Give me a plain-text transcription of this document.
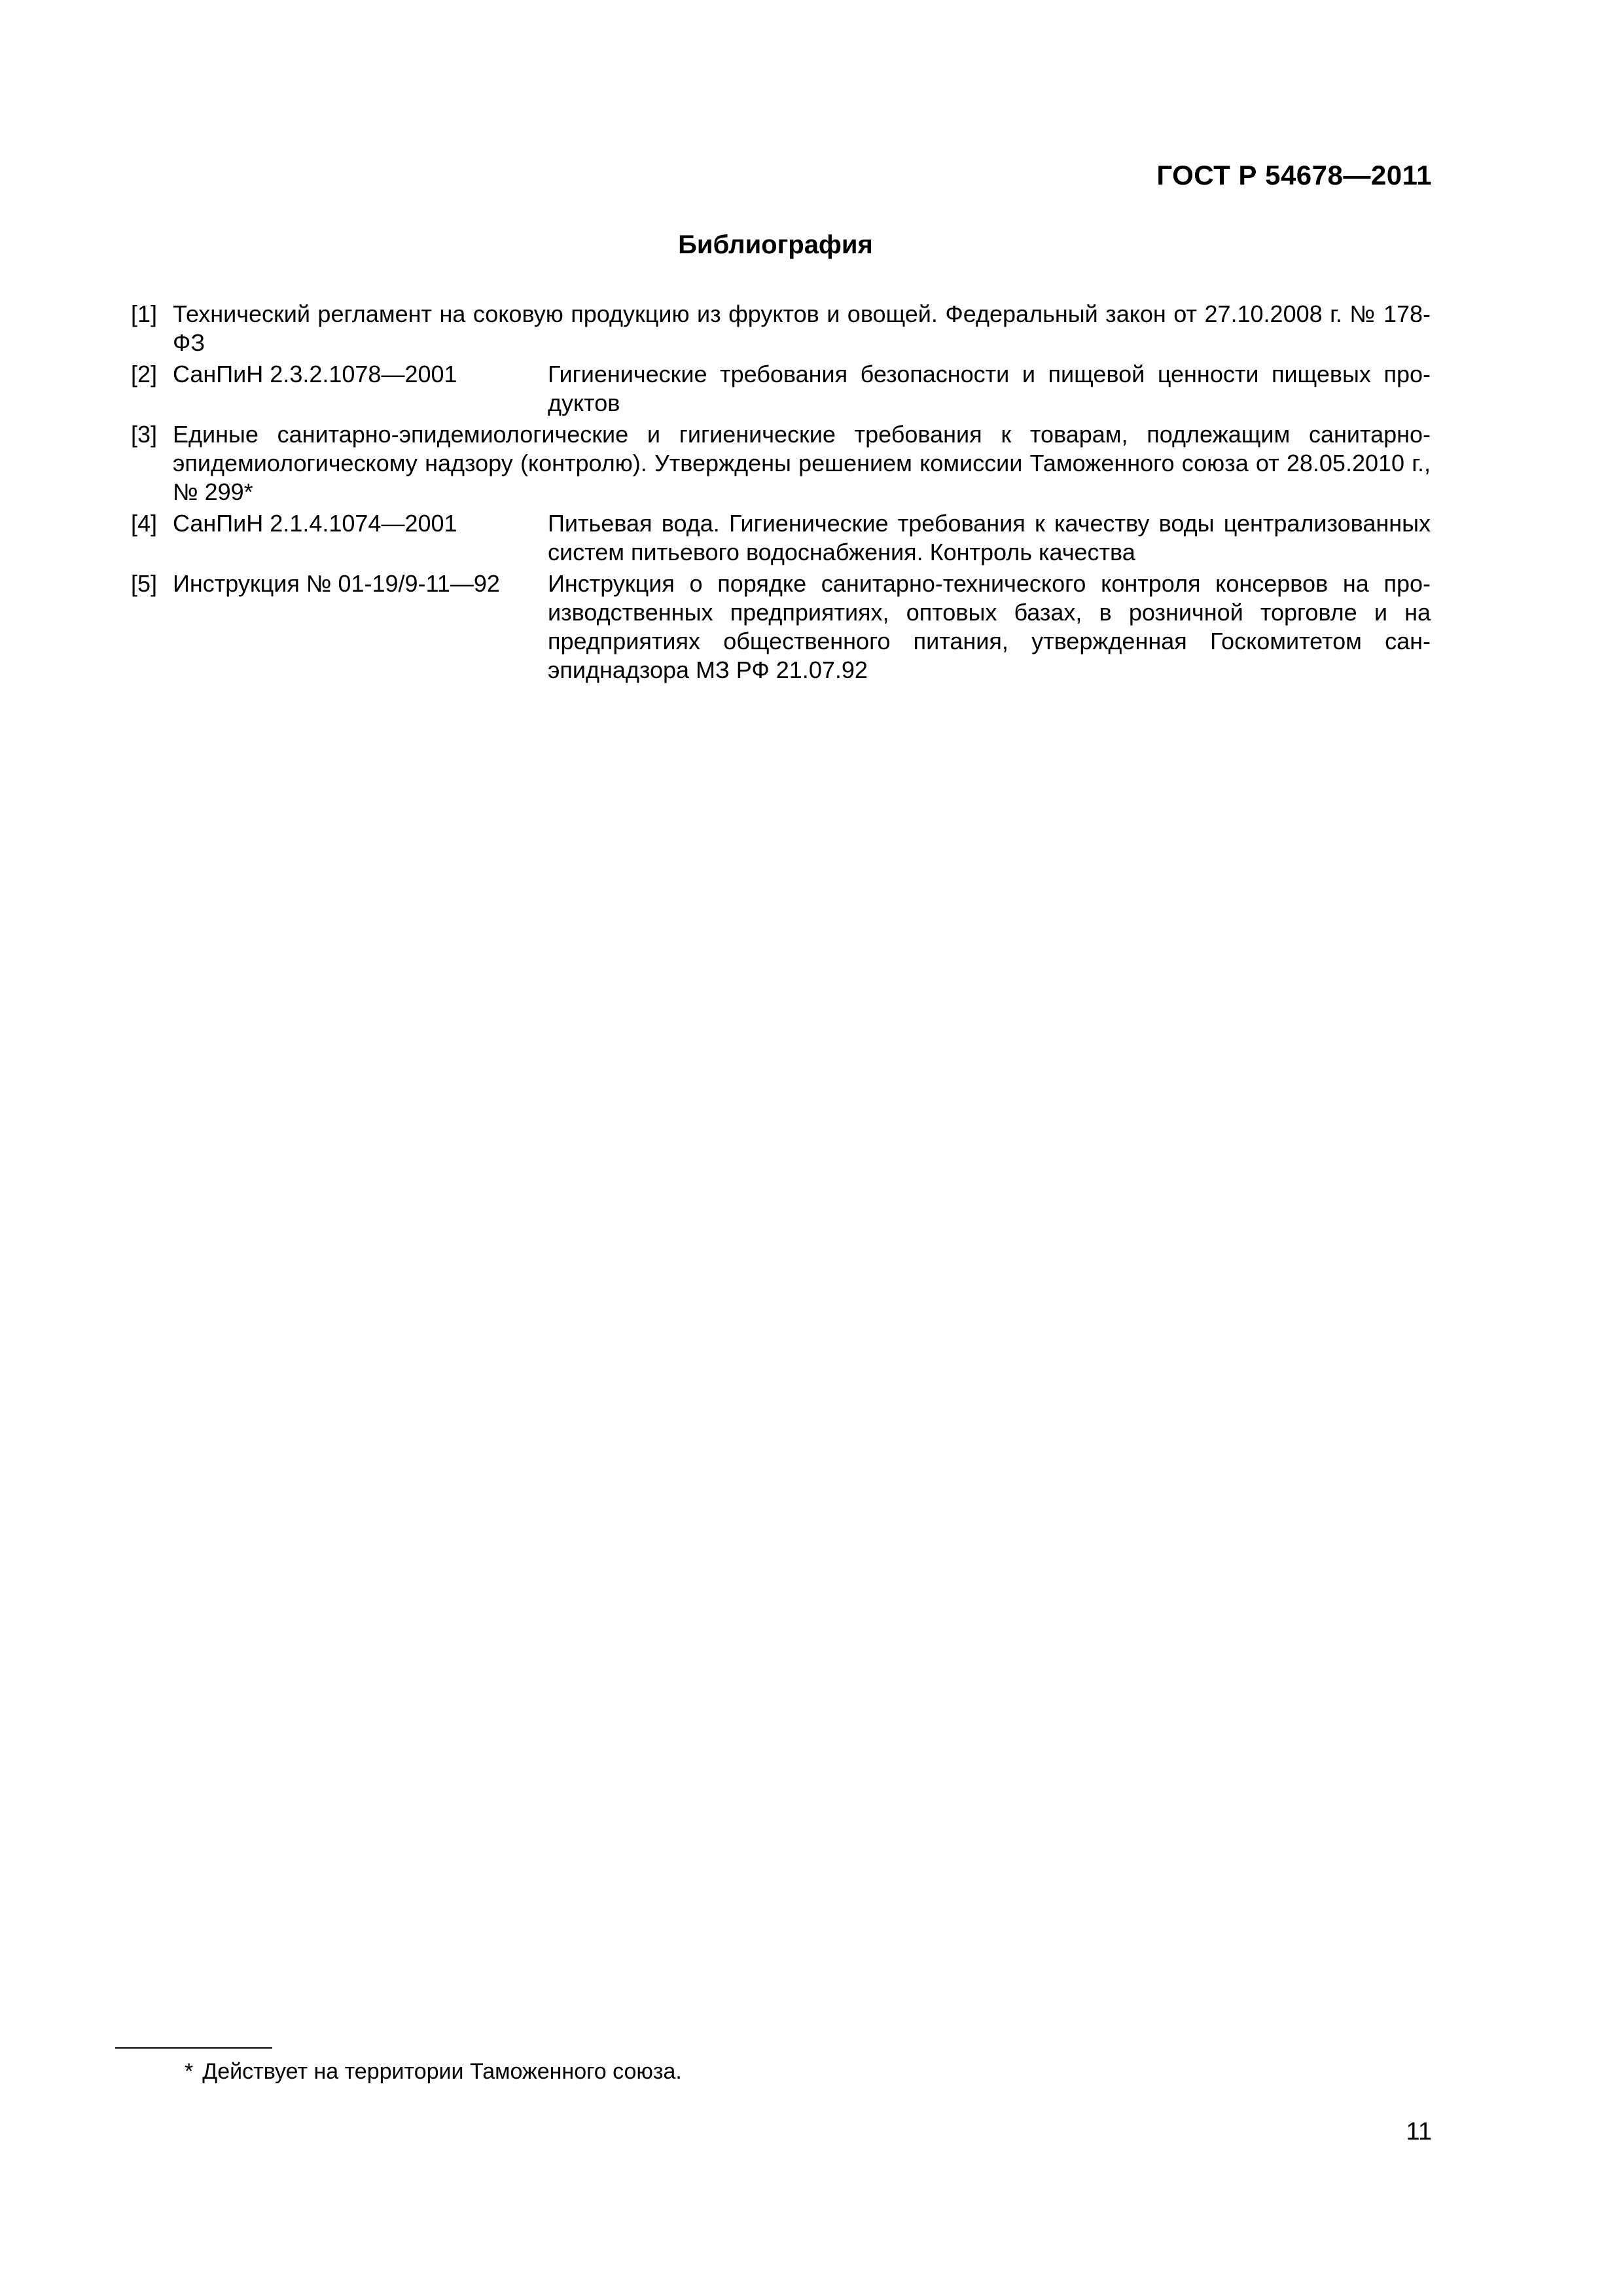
ГОСТ Р 54678—2011
Библиография
[1] Технический регламент на соковую продукцию из фруктов и овощей. Федеральный закон от 27.10.2008 г. № 178-ФЗ
[2] СанПиН 2.3.2.1078—2001	Гигиенические требования безопасности и пищевой ценности пищевых продуктов
[3] Единые санитарно-эпидемиологические и гигиенические требования к товарам, подлежащим санитарно-эпидемиологическому надзору (контролю). Утверждены решением комиссии Таможенного союза от 28.05.2010 г., № 299*
[4] СанПиН 2.1.4.1074—2001	Питьевая вода. Гигиенические требования к качеству воды централизованных систем питьевого водоснабжения. Контроль качества
[5] Инструкция № 01-19/9-11—92	Инструкция о порядке санитарно-технического контроля консервов на производственных предприятиях, оптовых базах, в розничной торговле и на предприятиях общественного питания, утвержденная Госкомитетом санэпиднадзора МЗ РФ 21.07.92
* Действует на территории Таможенного союза.
11
